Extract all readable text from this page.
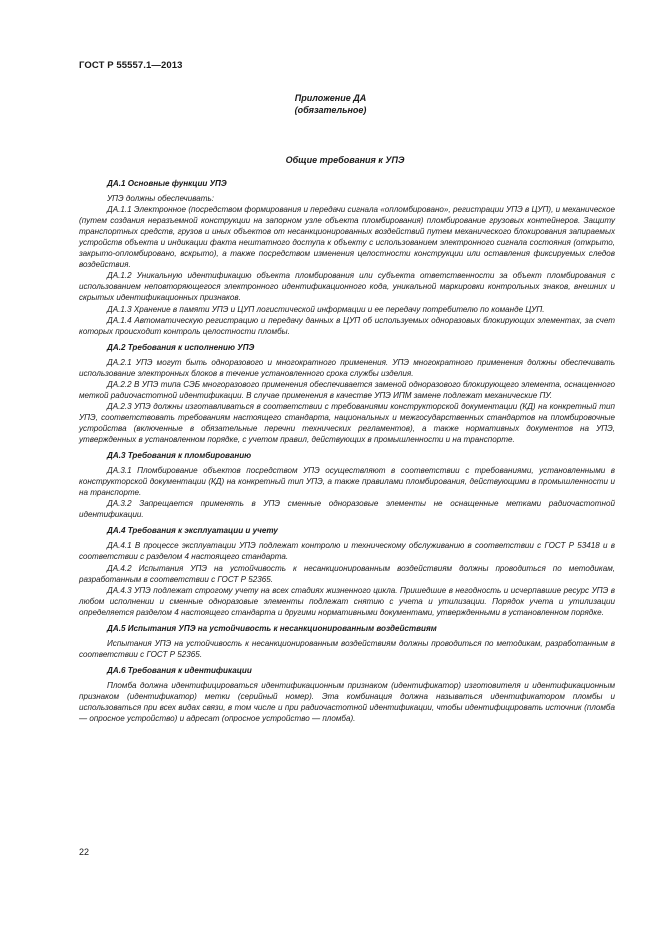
ГОСТ Р 55557.1—2013
Приложение ДА
(обязательное)
Общие требования к УПЭ

ДА.1 Основные функции УПЭ

УПЭ должны обеспечивать:

ДА.1.1 Электронное (посредством формирования и передачи сигнала «опломбировано», регистрации УПЭ в ЦУП), и механическое (путем создания неразъемной конструкции на запорном узле объекта пломбирования) пломбирование грузовых контейнеров. Защиту транспортных средств, грузов и иных объектов от несанкционированных воздействий путем механического блокирования запираемых устройств объекта и индикации факта нештатного доступа к объекту с использованием электронного сигнала состояния (открыто, закрыто-опломбировано, вскрыто), а также посредством изменения целостности конструкции или оставления фиксируемых следов воздействия.

ДА.1.2 Уникальную идентификацию объекта пломбирования или субъекта ответственности за объект пломбирования с использованием неповторяющегося электронного идентификационного кода, уникальной маркировки контрольных знаков, внешних и скрытых идентификационных признаков.

ДА.1.3 Хранение в памяти УПЭ и ЦУП логистической информации и ее передачу потребителю по команде ЦУП.

ДА.1.4 Автоматическую регистрацию и передачу данных в ЦУП об используемых одноразовых блокирующих элементах, за счет которых происходит контроль целостности пломбы.

ДА.2 Требования к исполнению УПЭ

ДА.2.1 УПЭ могут быть одноразового и многократного применения. УПЭ многократного применения должны обеспечивать использование электронных блоков в течение установленного срока службы изделия.

ДА.2.2 В УПЭ типа СЭБ многоразового применения обеспечивается заменой одноразового блокирующего элемента, оснащенного меткой радиочастотной идентификации. В случае применения в качестве УПЭ ИПМ замене подлежат механические ПУ.

ДА.2.3 УПЭ должны изготавливаться в соответствии с требованиями конструкторской документации (КД) на конкретный тип УПЭ, соответствовать требованиям настоящего стандарта, национальных и межгосударственных стандартов на пломбировочные устройства (включенные в обязательные перечни технических регламентов), а также нормативных документов на УПЭ, утвержденных в установленном порядке, с учетом правил, действующих в промышленности и на транспорте.

ДА.3 Требования к пломбированию

ДА.3.1 Пломбирование объектов посредством УПЭ осуществляют в соответствии с требованиями, установленными в конструкторской документации (КД) на конкретный тип УПЭ, а также правилами пломбирования, действующими в промышленности и на транспорте.

ДА.3.2 Запрещается применять в УПЭ сменные одноразовые элементы не оснащенные метками радиочастотной идентификации.

ДА.4 Требования к эксплуатации и учету

ДА.4.1 В процессе эксплуатации УПЭ подлежат контролю и техническому обслуживанию в соответствии с ГОСТ Р 53418 и в соответствии с разделом 4 настоящего стандарта.

ДА.4.2 Испытания УПЭ на устойчивость к несанкционированным воздействиям должны проводиться по методикам, разработанным в соответствии с ГОСТ Р 52365.

ДА.4.3 УПЭ подлежат строгому учету на всех стадиях жизненного цикла. Пришедшие в негодность и исчерпавшие ресурс УПЭ в любом исполнении и сменные одноразовые элементы подлежат снятию с учета и утилизации. Порядок учета и утилизации определяется разделом 4 настоящего стандарта и другими нормативными документами, утвержденными в установленном порядке.

ДА.5 Испытания УПЭ на устойчивость к несанкционированным воздействиям

Испытания УПЭ на устойчивость к несанкционированным воздействиям должны проводиться по методикам, разработанным в соответствии с ГОСТ Р 52365.

ДА.6 Требования к идентификации

Пломба должна идентифицироваться идентификационным признаком (идентификатор) изготовителя и идентификационным признаком (идентификатор) метки (серийный номер). Эта комбинация должна называться идентификатором пломбы и использоваться при всех видах связи, в том числе и при радиочастотной идентификации, чтобы идентифицировать источник (пломба — опросное устройство) и адресат (опросное устройство — пломба).

22
